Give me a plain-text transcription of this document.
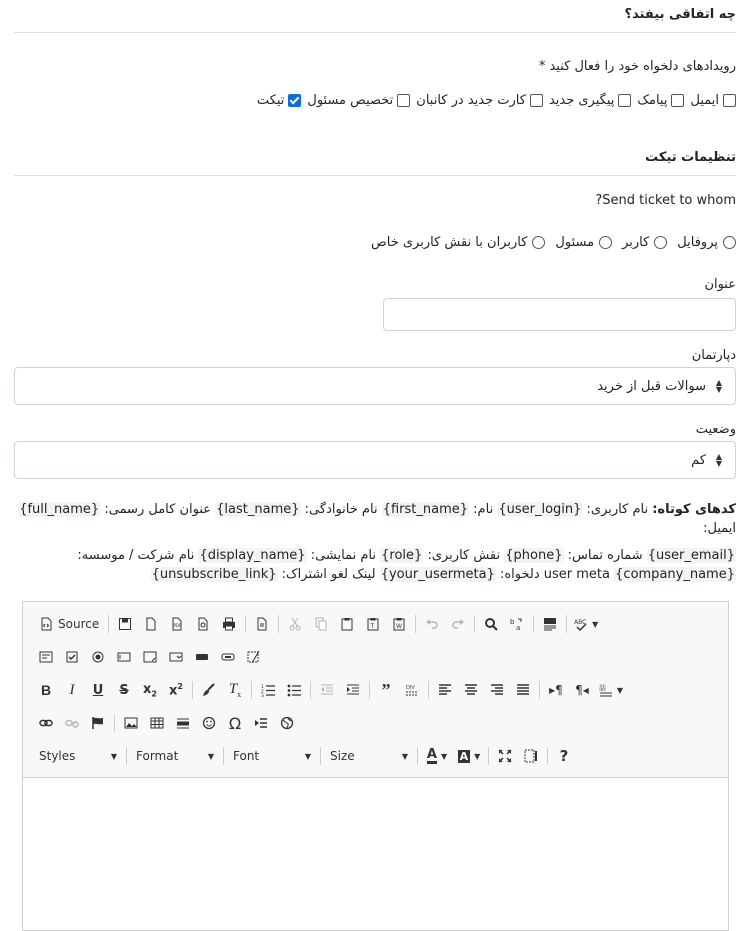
چه اتفاقی بیفتد؟
رویدادهای دلخواه خود را فعال کنید *
ایمیل
پیامک
پیگیری جدید
کارت جدید در کانبان
تخصیص مسئول
تیکت
تنظیمات تیکت
Send ticket to whom?
پروفایل
کاربر
مسئول
کاربران با نقش کاربری خاص
عنوان
دپارتمان
▲
▼
سوالات قبل از خرید
وضعیت
▲
▼
کم
کدهای کوتاه: نام کاربری: {user_login} نام: {first_name} نام خانوادگی: {last_name} عنوان کامل رسمی: {full_name} ایمیل:
{user_email} شماره تماس: {phone} نقش کاربری: {role} نام نمایشی: {display_name} نام شرکت / موسسه: {company_name} user meta دلخواه: {your_usermeta} لینک لغو اشتراک: {unsubscribe_link}
Source	PDF	T	W
b
a
ABC ▼
B I U S $x_2$ $x^2$	$T_x$
1
2
3	”	DIV	▸¶ ¶◂ 話 ▼
Ω
Styles	▼ Format	▼ Font	▼ Size	▼ A ▼ A ▼	?
